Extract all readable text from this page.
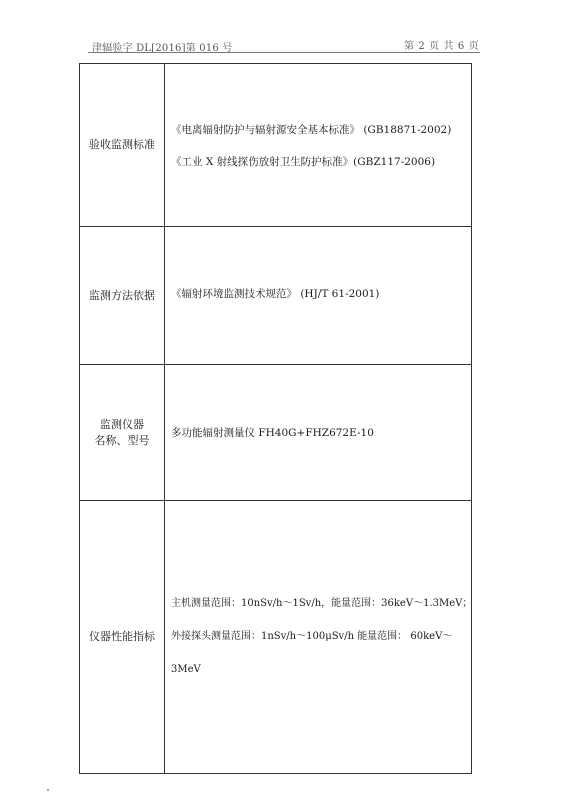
津辐验字 DL[2016]第 016 号	第 2 页 共 6 页
验收监测标准
《电离辐射防护与辐射源安全基本标准》 (GB18871-2002)
《工业 X 射线探伤放射卫生防护标准》(GBZ117-2006)
监测方法依据 《辐射环境监测技术规范》 (HJ/T 61-2001)
监测仪器
名称、型号
多功能辐射测量仪 FH40G+FHZ672E-10
仪器性能指标
主机测量范围：10nSv/h～1Sv/h，能量范围：36keV～1.3MeV；
外接探头测量范围：1nSv/h～100μSv/h 能量范围： 60keV～
3MeV
